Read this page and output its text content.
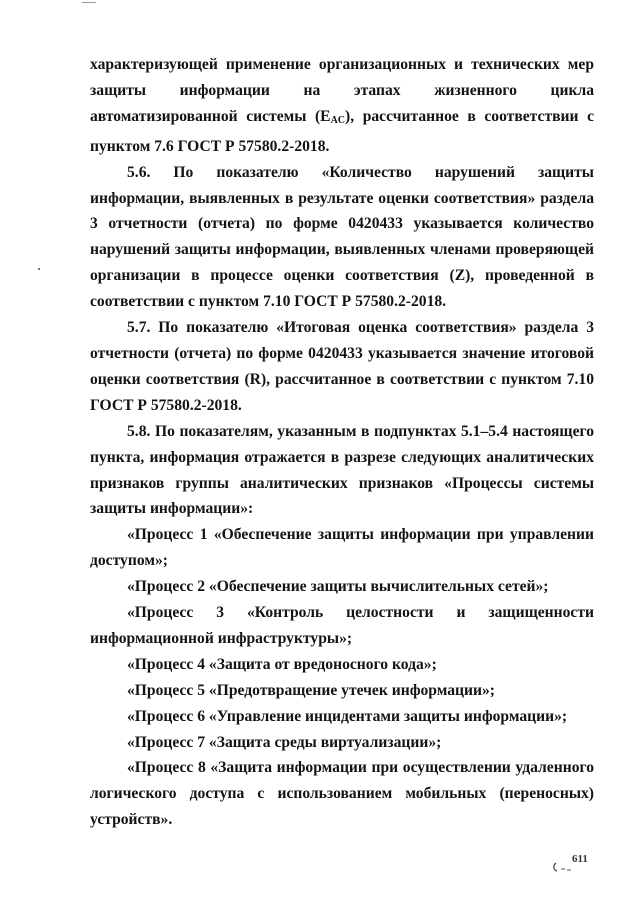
характеризующей применение организационных и технических мер защиты информации на этапах жизненного цикла автоматизированной системы $(E_{AC})$, рассчитанное в соответствии с пунктом 7.6 ГОСТ Р 57580.2-2018.

5.6. По показателю «Количество нарушений защиты информации, выявленных в результате оценки соответствия» раздела 3 отчетности (отчета) по форме 0420433 указывается количество нарушений защиты информации, выявленных членами проверяющей организации в процессе оценки соответствия (Z), проведенной в соответствии с пунктом 7.10 ГОСТ Р 57580.2-2018.

5.7. По показателю «Итоговая оценка соответствия» раздела 3 отчетности (отчета) по форме 0420433 указывается значение итоговой оценки соответствия (R), рассчитанное в соответствии с пунктом 7.10 ГОСТ Р 57580.2-2018.

5.8. По показателям, указанным в подпунктах 5.1–5.4 настоящего пункта, информация отражается в разрезе следующих аналитических признаков группы аналитических признаков «Процессы системы защиты информации»:

«Процесс 1 «Обеспечение защиты информации при управлении доступом»;

«Процесс 2 «Обеспечение защиты вычислительных сетей»;

«Процесс 3 «Контроль целостности и защищенности информационной инфраструктуры»;

«Процесс 4 «Защита от вредоносного кода»;

«Процесс 5 «Предотвращение утечек информации»;

«Процесс 6 «Управление инцидентами защиты информации»;

«Процесс 7 «Защита среды виртуализации»;

«Процесс 8 «Защита информации при осуществлении удаленного логического доступа с использованием мобильных (переносных) устройств».

611
